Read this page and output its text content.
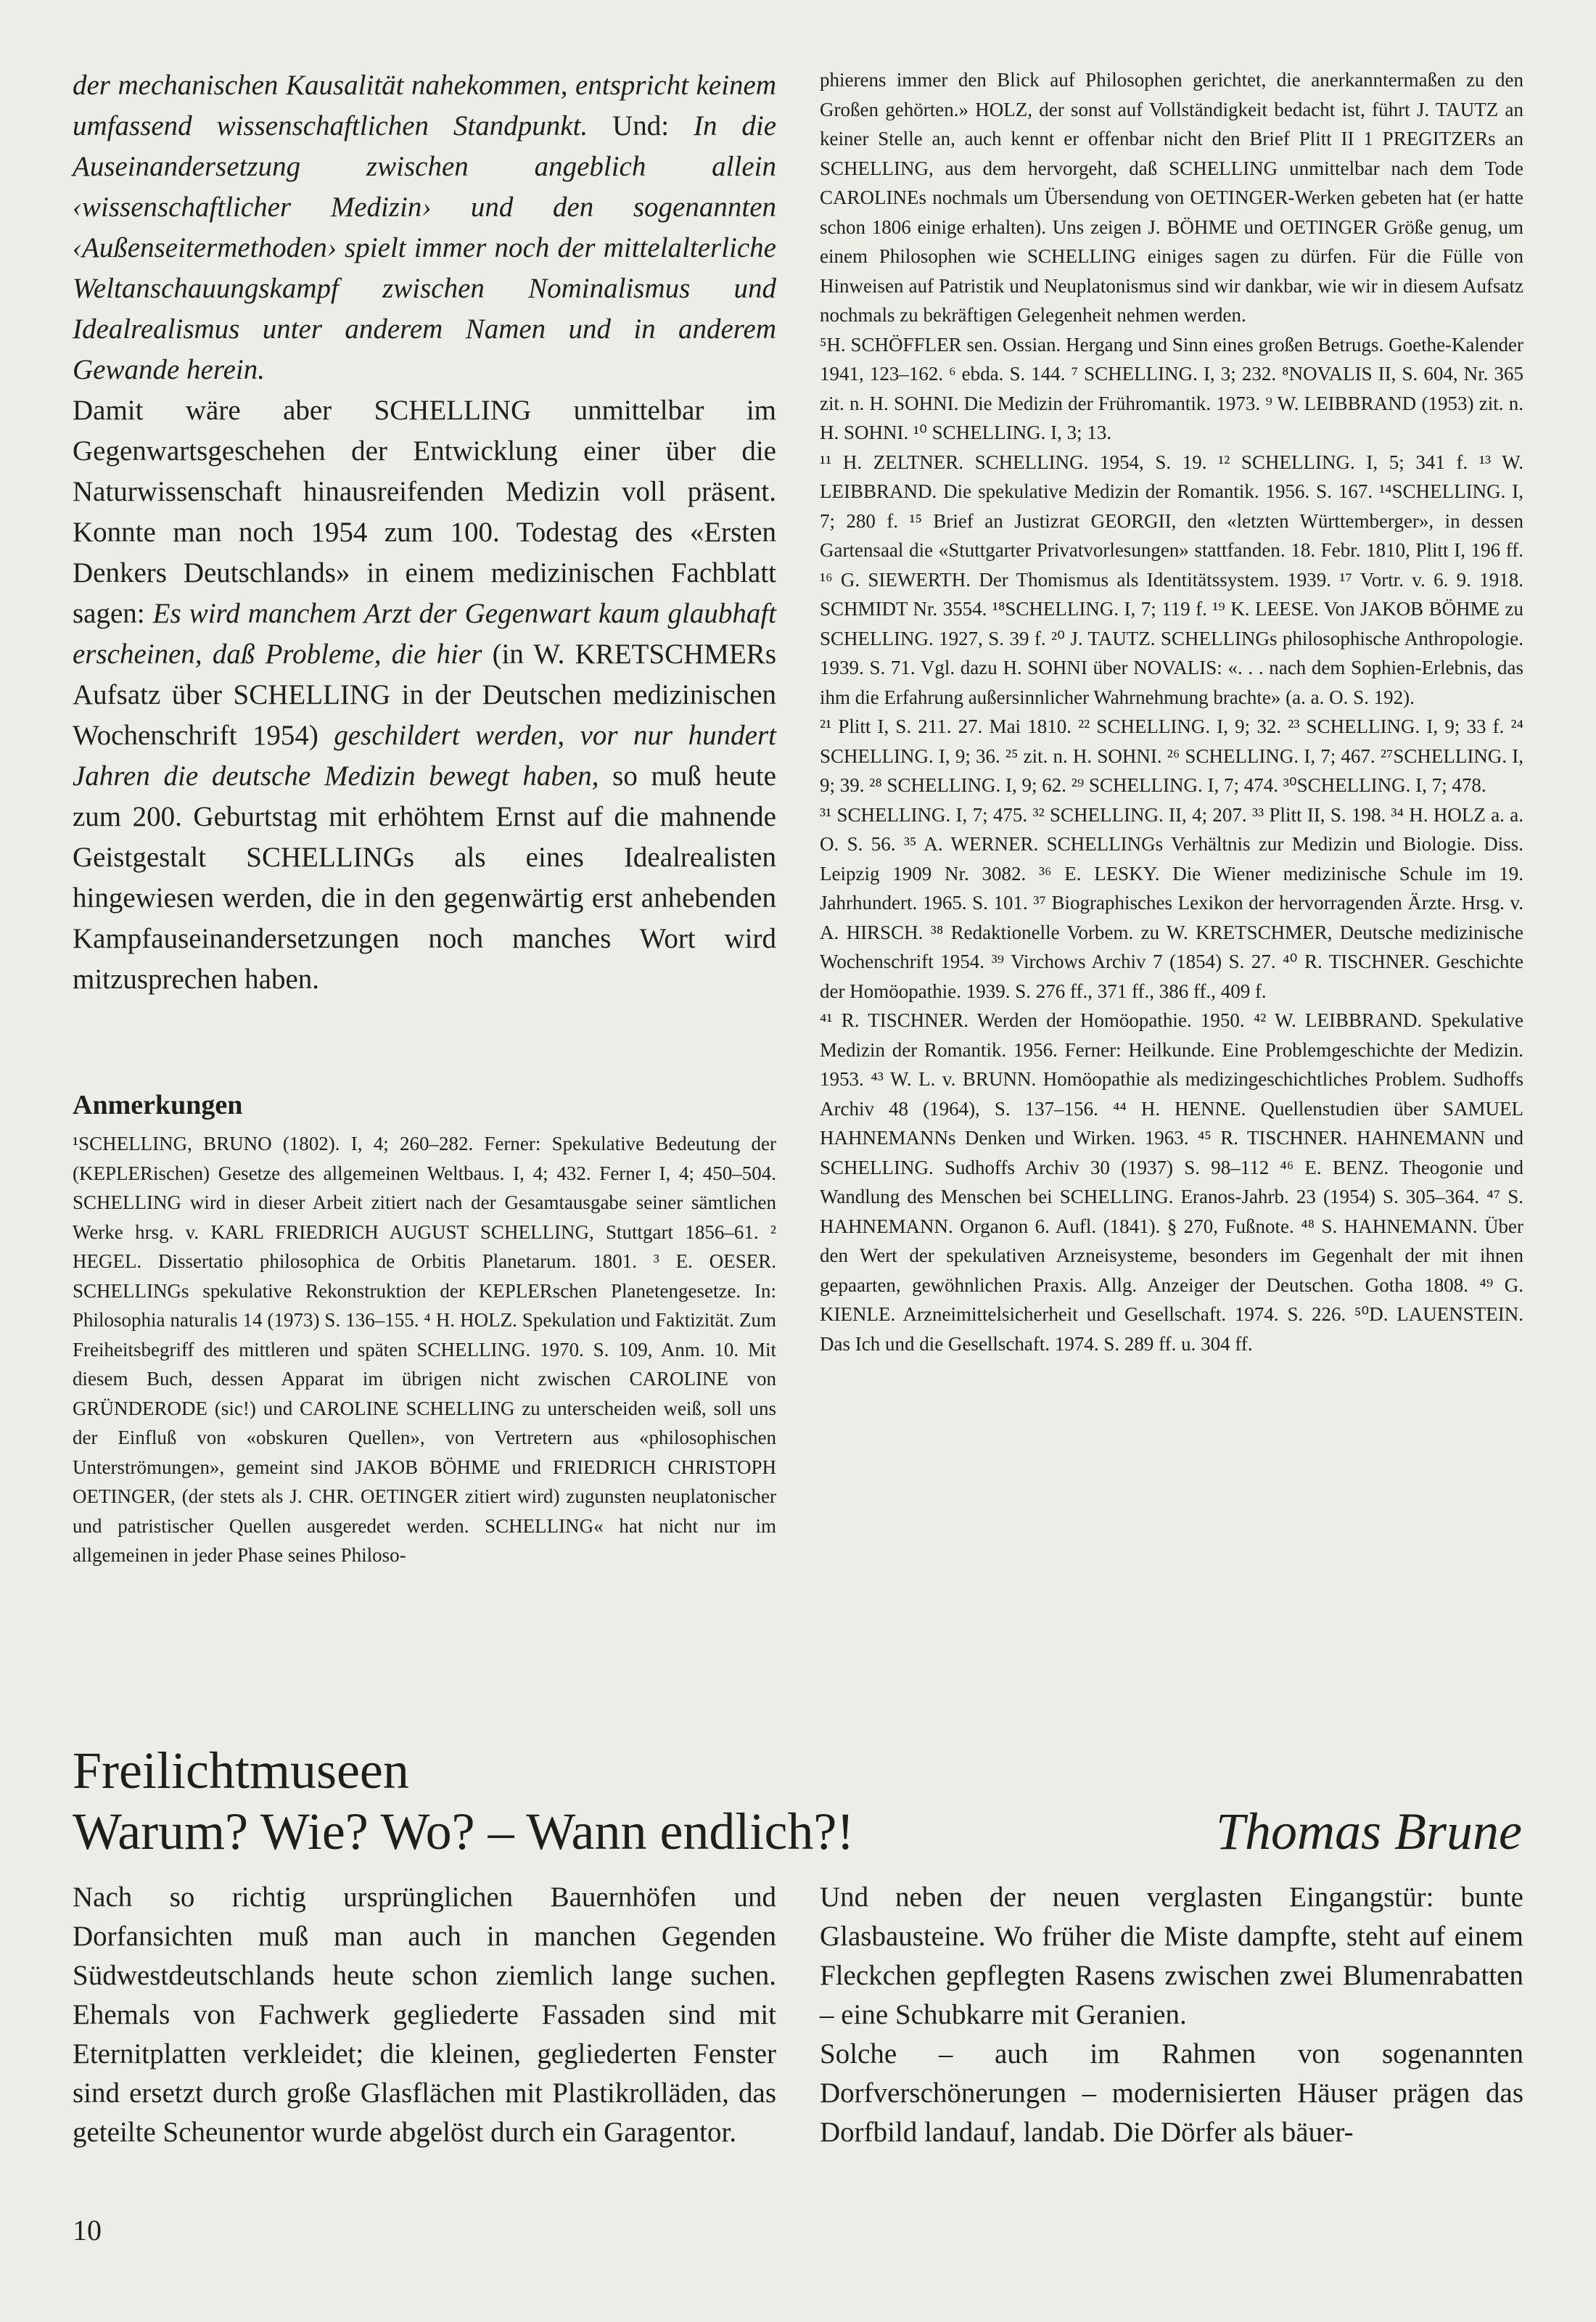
der mechanischen Kausalität nahekommen, entspricht keinem umfassend wissenschaftlichen Standpunkt. Und: In die Auseinandersetzung zwischen angeblich allein ‹wissenschaftlicher Medizin› und den sogenannten ‹Außenseitermethoden› spielt immer noch der mittelalterliche Weltanschauungskampf zwischen Nominalismus und Idealrealismus unter anderem Namen und in anderem Gewande herein.

Damit wäre aber SCHELLING unmittelbar im Gegenwartsgeschehen der Entwicklung einer über die Naturwissenschaft hinausreifenden Medizin voll präsent. Konnte man noch 1954 zum 100. Todestag des «Ersten Denkers Deutschlands» in einem medizinischen Fachblatt sagen: Es wird manchem Arzt der Gegenwart kaum glaubhaft erscheinen, daß Probleme, die hier (in W. KRETSCHMERs Aufsatz über SCHELLING in der Deutschen medizinischen Wochenschrift 1954) geschildert werden, vor nur hundert Jahren die deutsche Medizin bewegt haben, so muß heute zum 200. Geburtstag mit erhöhtem Ernst auf die mahnende Geistgestalt SCHELLINGs als eines Idealrealisten hingewiesen werden, die in den gegenwärtig erst anhebenden Kampfauseinandersetzungen noch manches Wort wird mitzusprechen haben.

Anmerkungen

¹SCHELLING, BRUNO (1802). I, 4; 260–282. Ferner: Spekulative Bedeutung der (KEPLERischen) Gesetze des allgemeinen Weltbaus. I, 4; 432. Ferner I, 4; 450–504. SCHELLING wird in dieser Arbeit zitiert nach der Gesamtausgabe seiner sämtlichen Werke hrsg. v. KARL FRIEDRICH AUGUST SCHELLING, Stuttgart 1856–61. ² HEGEL. Dissertatio philosophica de Orbitis Planetarum. 1801. ³ E. OESER. SCHELLINGs spekulative Rekonstruktion der KEPLERschen Planetengesetze. In: Philosophia naturalis 14 (1973) S. 136–155. ⁴ H. HOLZ. Spekulation und Faktizität. Zum Freiheitsbegriff des mittleren und späten SCHELLING. 1970. S. 109, Anm. 10. Mit diesem Buch, dessen Apparat im übrigen nicht zwischen CAROLINE von GRÜNDERODE (sic!) und CAROLINE SCHELLING zu unterscheiden weiß, soll uns der Einfluß von «obskuren Quellen», von Vertretern aus «philosophischen Unterströmungen», gemeint sind JAKOB BÖHME und FRIEDRICH CHRISTOPH OETINGER, (der stets als J. CHR. OETINGER zitiert wird) zugunsten neuplatonischer und patristischer Quellen ausgeredet werden. SCHELLING« hat nicht nur im allgemeinen in jeder Phase seines Philoso-

phierens immer den Blick auf Philosophen gerichtet, die anerkanntermaßen zu den Großen gehörten.» HOLZ, der sonst auf Vollständigkeit bedacht ist, führt J. TAUTZ an keiner Stelle an, auch kennt er offenbar nicht den Brief Plitt II 1 PREGITZERs an SCHELLING, aus dem hervorgeht, daß SCHELLING unmittelbar nach dem Tode CAROLINEs nochmals um Übersendung von OETINGER-Werken gebeten hat (er hatte schon 1806 einige erhalten). Uns zeigen J. BÖHME und OETINGER Größe genug, um einem Philosophen wie SCHELLING einiges sagen zu dürfen. Für die Fülle von Hinweisen auf Patristik und Neuplatonismus sind wir dankbar, wie wir in diesem Aufsatz nochmals zu bekräftigen Gelegenheit nehmen werden.

⁵H. SCHÖFFLER sen. Ossian. Hergang und Sinn eines großen Betrugs. Goethe-Kalender 1941, 123–162. ⁶ ebda. S. 144. ⁷ SCHELLING. I, 3; 232. ⁸NOVALIS II, S. 604, Nr. 365 zit. n. H. SOHNI. Die Medizin der Frühromantik. 1973. ⁹ W. LEIBBRAND (1953) zit. n. H. SOHNI. ¹⁰ SCHELLING. I, 3; 13.

¹¹ H. ZELTNER. SCHELLING. 1954, S. 19. ¹² SCHELLING. I, 5; 341 f. ¹³ W. LEIBBRAND. Die spekulative Medizin der Romantik. 1956. S. 167. ¹⁴SCHELLING. I, 7; 280 f. ¹⁵ Brief an Justizrat GEORGII, den «letzten Württemberger», in dessen Gartensaal die «Stuttgarter Privatvorlesungen» stattfanden. 18. Febr. 1810, Plitt I, 196 ff. ¹⁶ G. SIEWERTH. Der Thomismus als Identitätssystem. 1939. ¹⁷ Vortr. v. 6. 9. 1918. SCHMIDT Nr. 3554. ¹⁸SCHELLING. I, 7; 119 f. ¹⁹ K. LEESE. Von JAKOB BÖHME zu SCHELLING. 1927, S. 39 f. ²⁰ J. TAUTZ. SCHELLINGs philosophische Anthropologie. 1939. S. 71. Vgl. dazu H. SOHNI über NOVALIS: «. . . nach dem Sophien-Erlebnis, das ihm die Erfahrung außersinnlicher Wahrnehmung brachte» (a. a. O. S. 192).

²¹ Plitt I, S. 211. 27. Mai 1810. ²² SCHELLING. I, 9; 32. ²³ SCHELLING. I, 9; 33 f. ²⁴ SCHELLING. I, 9; 36. ²⁵ zit. n. H. SOHNI. ²⁶ SCHELLING. I, 7; 467. ²⁷SCHELLING. I, 9; 39. ²⁸ SCHELLING. I, 9; 62. ²⁹ SCHELLING. I, 7; 474. ³⁰SCHELLING. I, 7; 478.

³¹ SCHELLING. I, 7; 475. ³² SCHELLING. II, 4; 207. ³³ Plitt II, S. 198. ³⁴ H. HOLZ a. a. O. S. 56. ³⁵ A. WERNER. SCHELLINGs Verhältnis zur Medizin und Biologie. Diss. Leipzig 1909 Nr. 3082. ³⁶ E. LESKY. Die Wiener medizinische Schule im 19. Jahrhundert. 1965. S. 101. ³⁷ Biographisches Lexikon der hervorragenden Ärzte. Hrsg. v. A. HIRSCH. ³⁸ Redaktionelle Vorbem. zu W. KRETSCHMER, Deutsche medizinische Wochenschrift 1954. ³⁹ Virchows Archiv 7 (1854) S. 27. ⁴⁰ R. TISCHNER. Geschichte der Homöopathie. 1939. S. 276 ff., 371 ff., 386 ff., 409 f.

⁴¹ R. TISCHNER. Werden der Homöopathie. 1950. ⁴² W. LEIBBRAND. Spekulative Medizin der Romantik. 1956. Ferner: Heilkunde. Eine Problemgeschichte der Medizin. 1953. ⁴³ W. L. v. BRUNN. Homöopathie als medizingeschichtliches Problem. Sudhoffs Archiv 48 (1964), S. 137–156. ⁴⁴ H. HENNE. Quellenstudien über SAMUEL HAHNEMANNs Denken und Wirken. 1963. ⁴⁵ R. TISCHNER. HAHNEMANN und SCHELLING. Sudhoffs Archiv 30 (1937) S. 98–112 ⁴⁶ E. BENZ. Theogonie und Wandlung des Menschen bei SCHELLING. Eranos-Jahrb. 23 (1954) S. 305–364. ⁴⁷ S. HAHNEMANN. Organon 6. Aufl. (1841). § 270, Fußnote. ⁴⁸ S. HAHNEMANN. Über den Wert der spekulativen Arzneisysteme, besonders im Gegenhalt der mit ihnen gepaarten, gewöhnlichen Praxis. Allg. Anzeiger der Deutschen. Gotha 1808. ⁴⁹ G. KIENLE. Arzneimittelsicherheit und Gesellschaft. 1974. S. 226. ⁵⁰D. LAUENSTEIN. Das Ich und die Gesellschaft. 1974. S. 289 ff. u. 304 ff.

Freilichtmuseen
Warum? Wie? Wo? – Wann endlich?!	Thomas Brune

Nach so richtig ursprünglichen Bauernhöfen und Dorfansichten muß man auch in manchen Gegenden Südwestdeutschlands heute schon ziemlich lange suchen. Ehemals von Fachwerk gegliederte Fassaden sind mit Eternitplatten verkleidet; die kleinen, gegliederten Fenster sind ersetzt durch große Glasflächen mit Plastikrolläden, das geteilte Scheunentor wurde abgelöst durch ein Garagentor.

Und neben der neuen verglasten Eingangstür: bunte Glasbausteine. Wo früher die Miste dampfte, steht auf einem Fleckchen gepflegten Rasens zwischen zwei Blumenrabatten – eine Schubkarre mit Geranien.

Solche – auch im Rahmen von sogenannten Dorfverschönerungen – modernisierten Häuser prägen das Dorfbild landauf, landab. Die Dörfer als bäuer-

10
